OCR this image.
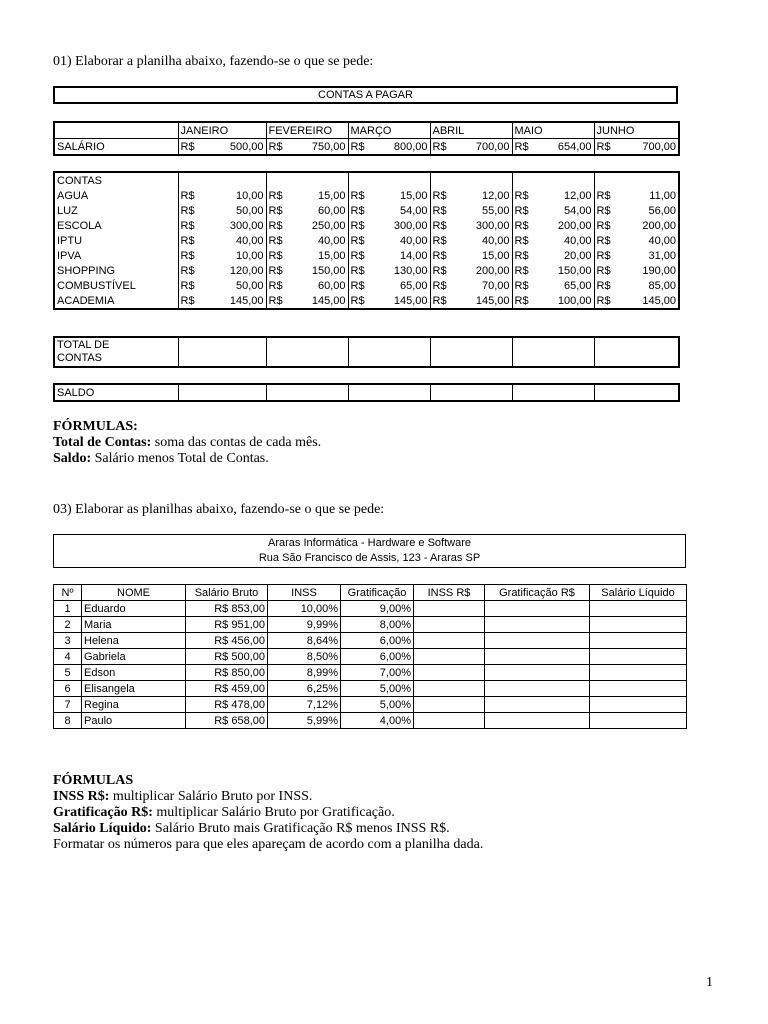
01) Elaborar a planilha abaixo, fazendo-se o que se pede:
CONTAS A PAGAR
	JANEIRO	FEVEREIRO	MARÇO	ABRIL	MAIO	JUNHO
SALÁRIO	R$ 500,00	R$ 750,00	R$ 800,00	R$ 700,00	R$ 654,00	R$ 700,00
CONTAS						
AGUA	R$ 10,00	R$ 15,00	R$ 15,00	R$ 12,00	R$ 12,00	R$ 11,00

LUZ	R$ 50,00	R$ 60,00	R$ 54,00	R$ 55,00	R$ 54,00	R$ 56,00

ESCOLA	R$ 300,00	R$ 250,00	R$ 300,00	R$ 300,00	R$ 200,00	R$ 200,00

IPTU	R$ 40,00	R$ 40,00	R$ 40,00	R$ 40,00	R$ 40,00	R$ 40,00

IPVA	R$ 10,00	R$ 15,00	R$ 14,00	R$ 15,00	R$ 20,00	R$ 31,00

SHOPPING	R$ 120,00	R$ 150,00	R$ 130,00	R$ 200,00	R$ 150,00	R$ 190,00

COMBUSTÍVEL	R$ 50,00	R$ 60,00	R$ 65,00	R$ 70,00	R$ 65,00	R$ 85,00

ACADEMIA	R$ 145,00	R$ 145,00	R$ 145,00	R$ 145,00	R$ 100,00	R$ 145,00
TOTAL DE
CONTAS						
SALDO						
FÓRMULAS:
Total de Contas: soma das contas de cada mês.
Saldo: Salário menos Total de Contas.
03) Elaborar as planilhas abaixo, fazendo-se o que se pede:
Araras Informática - Hardware e Software
Rua São Francisco de Assis, 123 - Araras SP
Nº	NOME	Salário Bruto	INSS	Gratificação	INSS R$	Gratificação R$	Salário Líquido
1	Eduardo	R$ 853,00	10,00%	9,00%			
2	Maria	R$ 951,00	9,99%	8,00%			
3	Helena	R$ 456,00	8,64%	6,00%			
4	Gabriela	R$ 500,00	8,50%	6,00%			
5	Edson	R$ 850,00	8,99%	7,00%			
6	Elisangela	R$ 459,00	6,25%	5,00%			
7	Regina	R$ 478,00	7,12%	5,00%			
8	Paulo	R$ 658,00	5,99%	4,00%			
FÓRMULAS
INSS R$: multiplicar Salário Bruto por INSS.
Gratificação R$: multiplicar Salário Bruto por Gratificação.
Salário Líquido: Salário Bruto mais Gratificação R$ menos INSS R$.
Formatar os números para que eles apareçam de acordo com a planilha dada.
1
